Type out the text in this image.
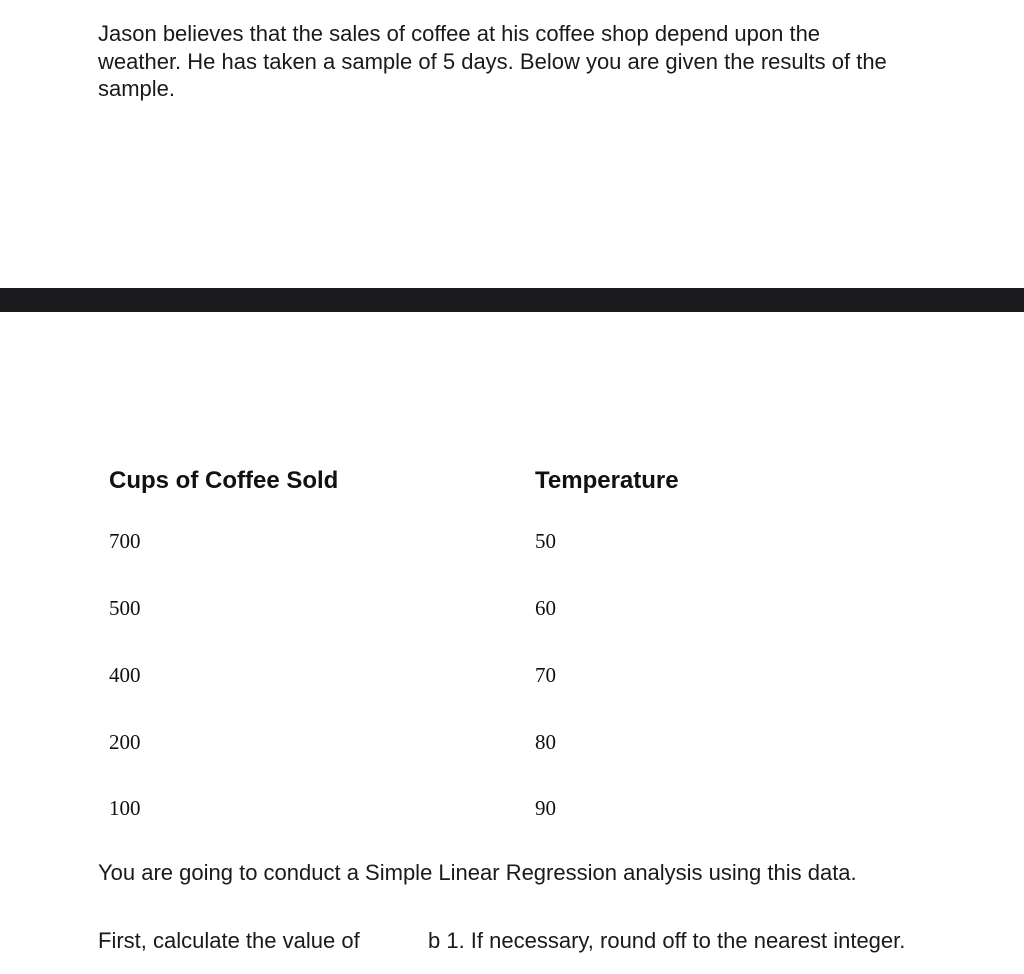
Jason believes that the sales of coffee at his coffee shop depend upon the
weather. He has taken a sample of 5 days. Below you are given the results of the
sample.

Cups of Coffee Sold	Temperature
700	50
500	60
400	70
200	80
100	90

You are going to conduct a Simple Linear Regression analysis using this data.

First, calculate the value of	b 1. If necessary, round off to the nearest integer.
